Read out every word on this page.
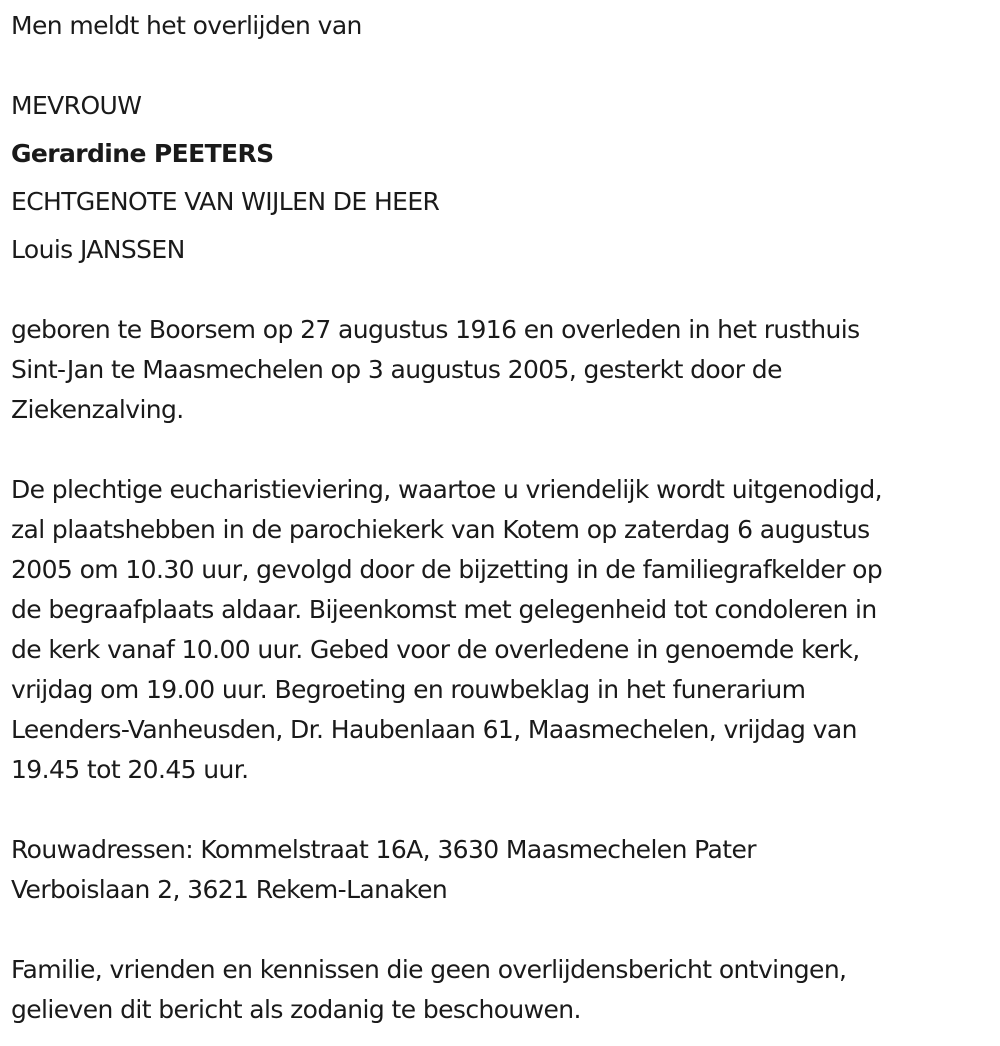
Men meldt het overlijden van

MEVROUW

Gerardine PEETERS

ECHTGENOTE VAN WIJLEN DE HEER

Louis JANSSEN

geboren te Boorsem op 27 augustus 1916 en overleden in het rusthuis
Sint-Jan te Maasmechelen op 3 augustus 2005, gesterkt door de
Ziekenzalving.
De plechtige eucharistieviering, waartoe u vriendelijk wordt uitgenodigd,
zal plaatshebben in de parochiekerk van Kotem op zaterdag 6 augustus
2005 om 10.30 uur, gevolgd door de bijzetting in de familiegrafkelder op
de begraafplaats aldaar. Bijeenkomst met gelegenheid tot condoleren in
de kerk vanaf 10.00 uur. Gebed voor de overledene in genoemde kerk,
vrijdag om 19.00 uur. Begroeting en rouwbeklag in het funerarium
Leenders-Vanheusden, Dr. Haubenlaan 61, Maasmechelen, vrijdag van
19.45 tot 20.45 uur.
Rouwadressen: Kommelstraat 16A, 3630 Maasmechelen Pater
Verboislaan 2, 3621 Rekem-Lanaken
Familie, vrienden en kennissen die geen overlijdensbericht ontvingen,
gelieven dit bericht als zodanig te beschouwen.
